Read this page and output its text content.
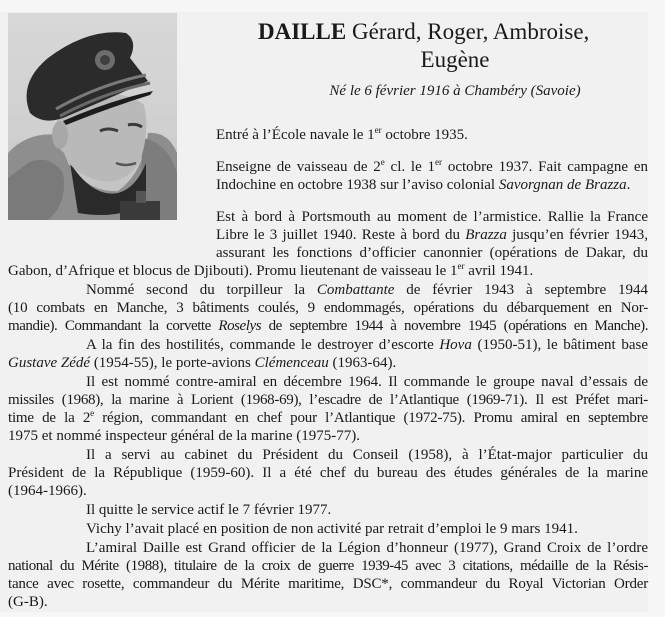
DAILLE Gérard, Roger, Ambroise,
Eugène
Né le 6 février 1916 à Chambéry (Savoie)
Entré à l’École navale le 1er octobre 1935.
Enseigne de vaisseau de 2e cl. le 1er octobre 1937. Fait campagne en
Indochine en octobre 1938 sur l’aviso colonial Savorgnan de Brazza.
Est à bord à Portsmouth au moment de l’armistice. Rallie la France
Libre le 3 juillet 1940. Reste à bord du Brazza jusqu’en février 1943,
assurant les fonctions d’officier canonnier (opérations de Dakar, du
Gabon, d’Afrique et blocus de Djibouti). Promu lieutenant de vaisseau le 1er avril 1941.
Nommé second du torpilleur la Combattante de février 1943 à septembre 1944
(10 combats en Manche, 3 bâtiments coulés, 9 endommagés, opérations du débarquement en Nor-
mandie). Commandant la corvette Roselys de septembre 1944 à novembre 1945 (opérations en Manche).
A la fin des hostilités, commande le destroyer d’escorte Hova (1950-51), le bâtiment base
Gustave Zédé (1954-55), le porte-avions Clémenceau (1963-64).
Il est nommé contre-amiral en décembre 1964. Il commande le groupe naval d’essais de
missiles (1968), la marine à Lorient (1968-69), l’escadre de l’Atlantique (1969-71). Il est Préfet mari-
time de la 2e région, commandant en chef pour l’Atlantique (1972-75). Promu amiral en septembre
1975 et nommé inspecteur général de la marine (1975-77).
Il a servi au cabinet du Président du Conseil (1958), à l’État-major particulier du
Président de la République (1959-60). Il a été chef du bureau des études générales de la marine
(1964-1966).
Il quitte le service actif le 7 février 1977.
Vichy l’avait placé en position de non activité par retrait d’emploi le 9 mars 1941.
L’amiral Daille est Grand officier de la Légion d’honneur (1977), Grand Croix de l’ordre
national du Mérite (1988), titulaire de la croix de guerre 1939-45 avec 3 citations, médaille de la Résis-
tance avec rosette, commandeur du Mérite maritime, DSC*, commandeur du Royal Victorian Order
(G-B).
